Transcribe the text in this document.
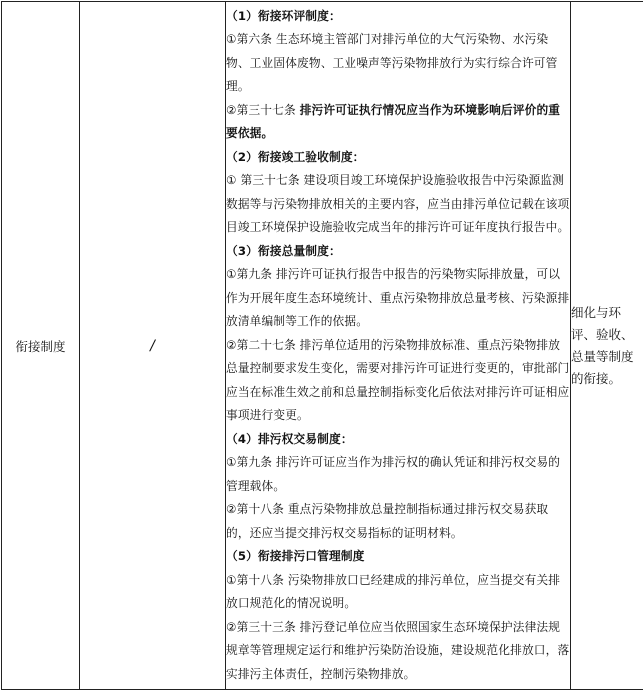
衔接制度	/	

（1）衔接环评制度：

①第六条 生态环境主管部门对排污单位的大气污染物、水污染物、工业固体废物、工业噪声等污染物排放行为实行综合许可管理。

②第三十七条 排污许可证执行情况应当作为环境影响后评价的重要依据。

（2）衔接竣工验收制度：

① 第三十七条 建设项目竣工环境保护设施验收报告中污染源监测数据等与污染物排放相关的主要内容，应当由排污单位记载在该项目竣工环境保护设施验收完成当年的排污许可证年度执行报告中。

（3）衔接总量制度：

①第九条 排污许可证执行报告中报告的污染物实际排放量，可以作为开展年度生态环境统计、重点污染物排放总量考核、污染源排放清单编制等工作的依据。

②第二十七条 排污单位适用的污染物排放标准、重点污染物排放总量控制要求发生变化，需要对排污许可证进行变更的，审批部门应当在标准生效之前和总量控制指标变化后依法对排污许可证相应事项进行变更。

（4）排污权交易制度：

①第九条 排污许可证应当作为排污权的确认凭证和排污权交易的管理载体。

②第十八条 重点污染物排放总量控制指标通过排污权交易获取的，还应当提交排污权交易指标的证明材料。

（5）衔接排污口管理制度

①第十八条 污染物排放口已经建成的排污单位，应当提交有关排放口规范化的情况说明。

②第三十三条 排污登记单位应当依照国家生态环境保护法律法规规章等管理规定运行和维护污染防治设施，建设规范化排放口，落实排污主体责任，控制污染物排放。

	细化与环评、验收、总量等制度的衔接。
